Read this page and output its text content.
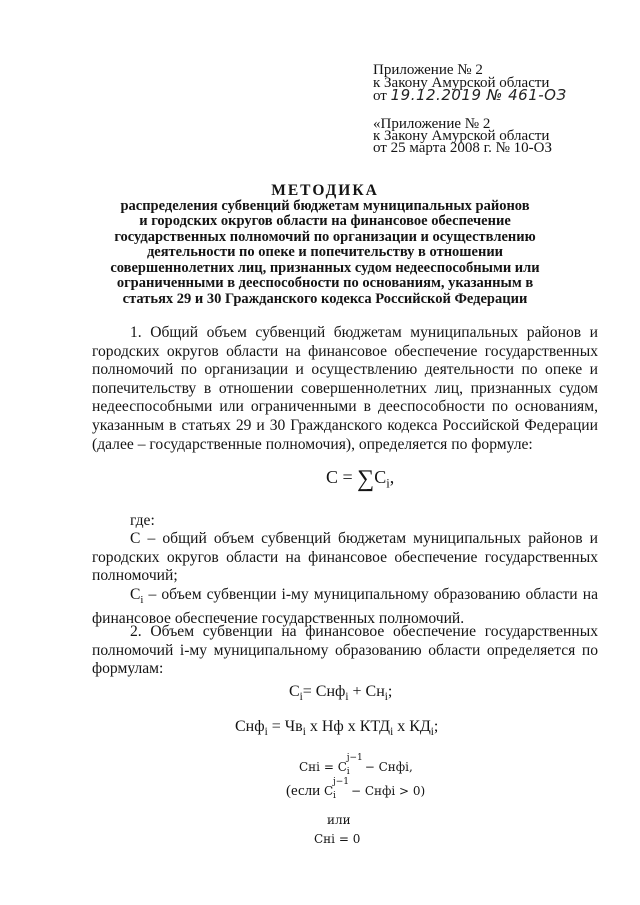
Приложение № 2
к Закону Амурской области
от 19.12.2019 № 461-ОЗ
«Приложение № 2
к Закону Амурской области
от 25 марта 2008 г. № 10-ОЗ
МЕТОДИКА
распределения субвенций бюджетам муниципальных районов
и городских округов области на финансовое обеспечение
государственных полномочий по организации и осуществлению
деятельности по опеке и попечительству в отношении
совершеннолетних лиц, признанных судом недееспособными или
ограниченными в дееспособности по основаниям, указанным в
статьях 29 и 30 Гражданского кодекса Российской Федерации
1. Общий объем субвенций бюджетам муниципальных районов и
городских округов области на финансовое обеспечение государственных
полномочий по организации и осуществлению деятельности по опеке и
попечительству в отношении совершеннолетних лиц, признанных судом
недееспособными или ограниченными в дееспособности по основаниям,
указанным в статьях 29 и 30 Гражданского кодекса Российской Федерации
(далее – государственные полномочия), определяется по формуле:
$С = \sum С_i$,
где:
С – общий объем субвенций бюджетам муниципальных районов и
городских округов области на финансовое обеспечение государственных
полномочий;
$С_i$ – объем субвенции i-му муниципальному образованию области на
финансовое обеспечение государственных полномочий.
2. Объем субвенции на финансовое обеспечение государственных
полномочий i-му муниципальному образованию области определяется по
формулам:
$С_i= Снф_i + Сн_i$;
$Снф_i = Чв_i$ х Нф х $КТД_i$ х $КД_i$;
Сні = С
j−1
i − Снфі,
(если С
j−1
i − Снфі > 0)
или
Сні = 0
